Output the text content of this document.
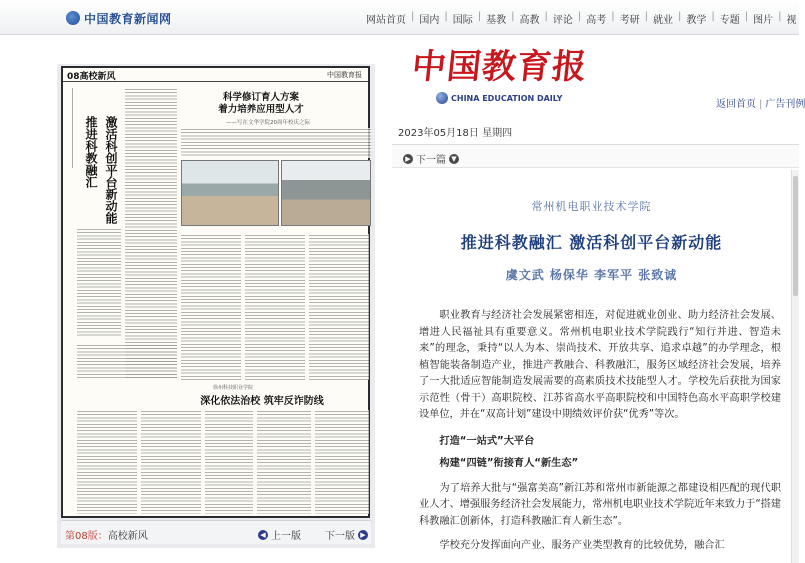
中国教育新闻网	网站首页 | 国内 | 国际 | 基教 | 高教 | 评论 | 高考 | 考研 | 就业 | 教学 | 专题 | 图片 | 视
中国教育报
CHINA EDUCATION DAILY
返回首页 | 广告刊例
2023年05月18日 星期四
08高校新风	中国教育报
推进科教融汇 激活科创平台新动能
科学修订育人方案
着力培养应用型人才
——写在文华学院20周年校庆之际
徐州科技职业学院
深化依法治校 筑牢反诈防线
第08版：高校新风	◀ 上一版 下一版 ▶
▶ 下一篇 ▼
常州机电职业技术学院
推进科教融汇 激活科创平台新动能
虞文武 杨保华 李军平 张致诚

职业教育与经济社会发展紧密相连，对促进就业创业、助力经济社会发展、增进人民福祉具有重要意义。常州机电职业技术学院践行“知行并进、智造未来”的理念，秉持“以人为本、崇尚技术、开放共享、追求卓越”的办学理念，根植智能装备制造产业，推进产教融合、科教融汇，服务区域经济社会发展，培养了一大批适应智能制造发展需要的高素质技术技能型人才。学校先后获批为国家示范性（骨干）高职院校、江苏省高水平高职院校和中国特色高水平高职学校建设单位，并在“双高计划”建设中期绩效评价获“优秀”等次。

打造“一站式”大平台

构建“四链”衔接育人“新生态”

为了培养大批与“强富美高”新江苏和常州市新能源之都建设相匹配的现代职业人才、增强服务经济社会发展能力，常州机电职业技术学院近年来致力于“搭建科教融汇创新体，打造科教融汇育人新生态”。

学校充分发挥面向产业、服务产业类型教育的比较优势，融合汇
